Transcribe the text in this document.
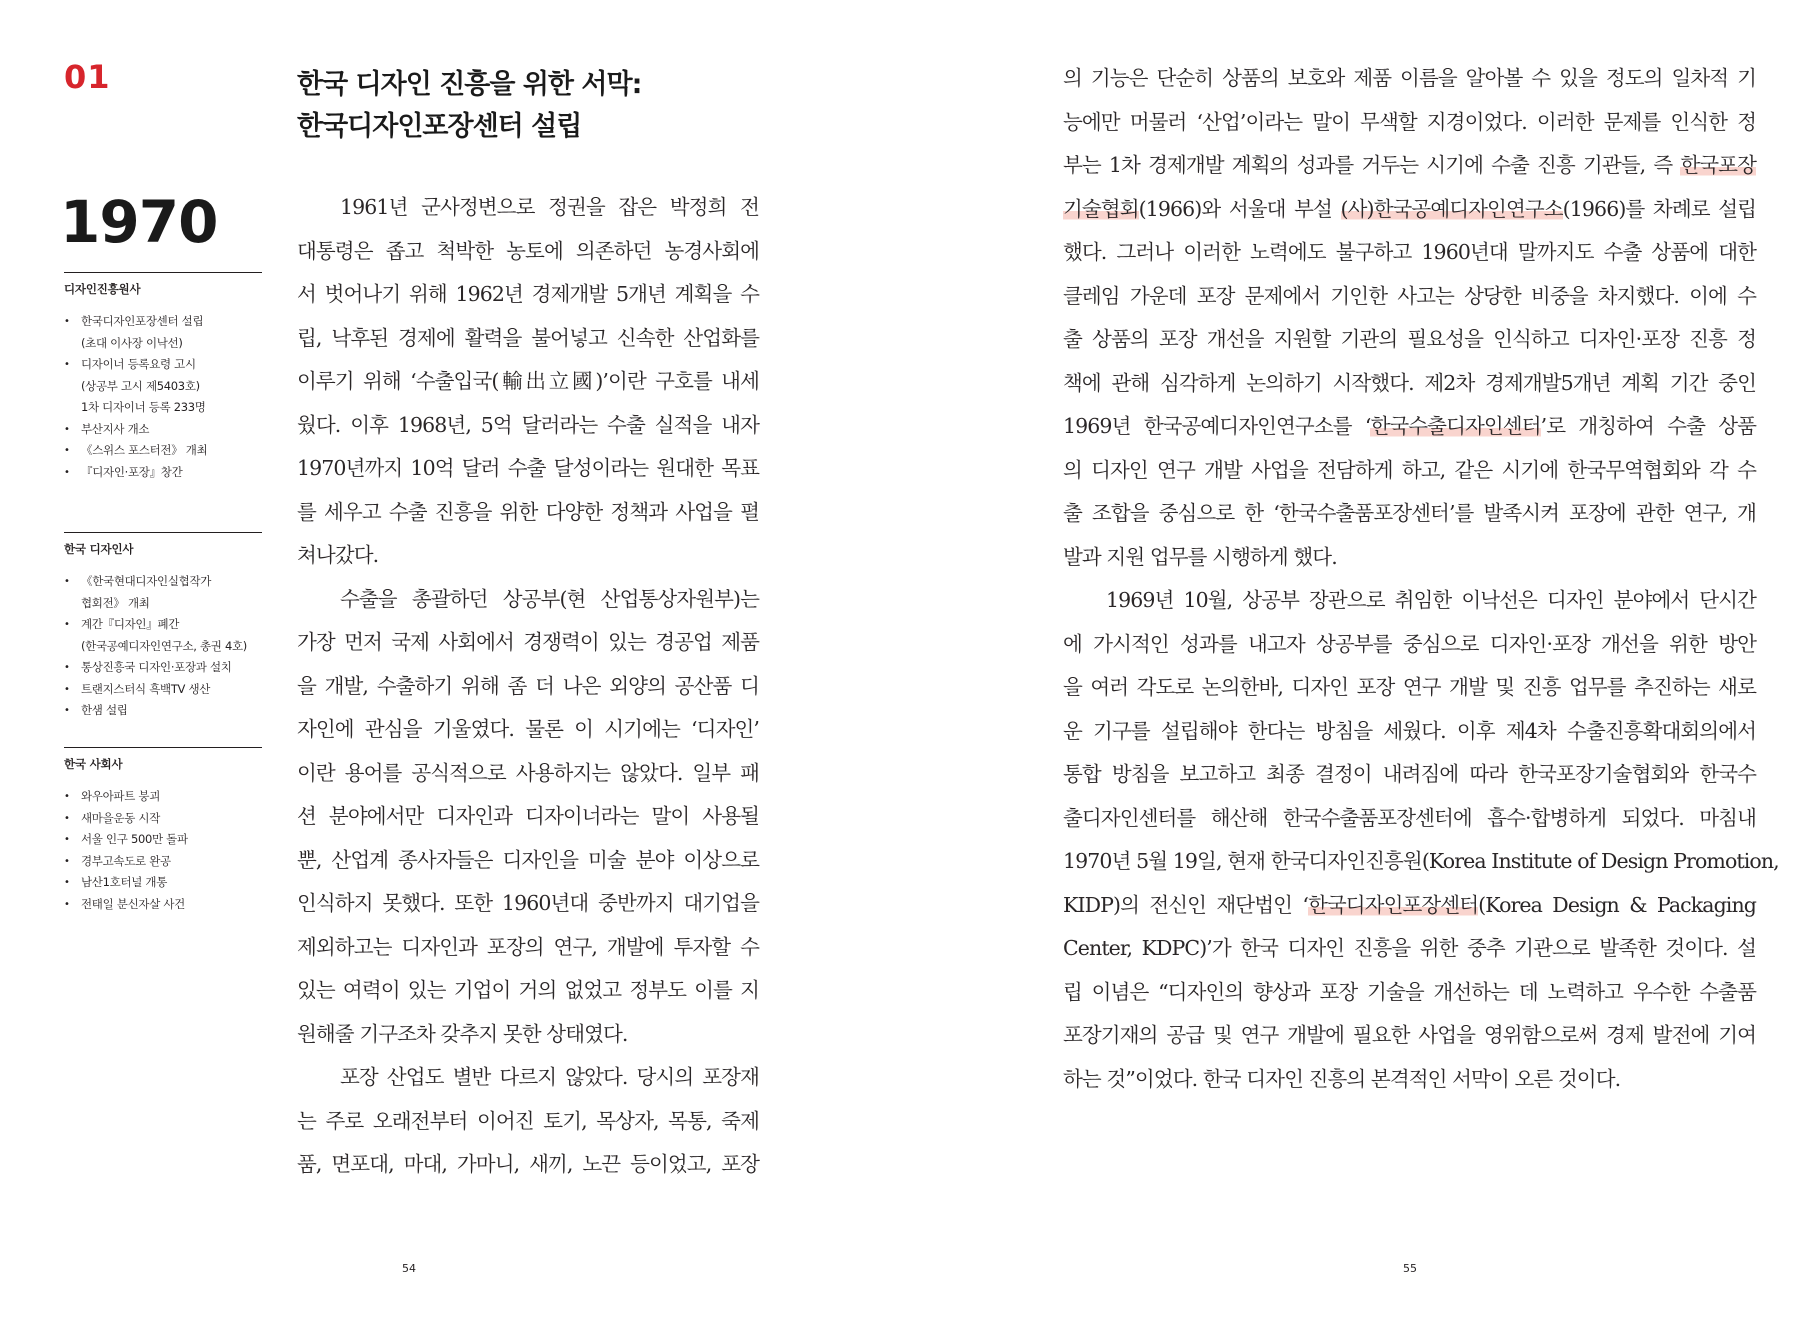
01
1970
디자인진흥원사
• 한국디자인포장센터 설립
(초대 이사장 이낙선)
• 디자이너 등록요령 고시
(상공부 고시 제5403호)
1차 디자이너 등록 233명
• 부산지사 개소
• 《스위스 포스터전》 개최
• 『디자인·포장』창간
한국 디자인사
• 《한국현대디자인실협작가
협회전》 개최
• 계간『디자인』폐간
(한국공예디자인연구소, 총권 4호)
• 통상진흥국 디자인·포장과 설치
• 트랜지스터식 흑백TV 생산
• 한샘 설립
한국 사회사
• 와우아파트 붕괴
• 새마을운동 시작
• 서울 인구 500만 돌파
• 경부고속도로 완공
• 남산1호터널 개통
• 전태일 분신자살 사건
한국 디자인 진흥을 위한 서막:
한국디자인포장센터 설립
1961년 군사정변으로 정권을 잡은 박정희 전
대통령은 좁고 척박한 농토에 의존하던 농경사회에
서 벗어나기 위해 1962년 경제개발 5개년 계획을 수
립, 낙후된 경제에 활력을 불어넣고 신속한 산업화를
이루기 위해 ‘수출입국(輸出立國)’이란 구호를 내세
웠다. 이후 1968년, 5억 달러라는 수출 실적을 내자
1970년까지 10억 달러 수출 달성이라는 원대한 목표
를 세우고 수출 진흥을 위한 다양한 정책과 사업을 펼
쳐나갔다.
수출을 총괄하던 상공부(현 산업통상자원부)는
가장 먼저 국제 사회에서 경쟁력이 있는 경공업 제품
을 개발, 수출하기 위해 좀 더 나은 외양의 공산품 디
자인에 관심을 기울였다. 물론 이 시기에는 ‘디자인’
이란 용어를 공식적으로 사용하지는 않았다. 일부 패
션 분야에서만 디자인과 디자이너라는 말이 사용될
뿐, 산업계 종사자들은 디자인을 미술 분야 이상으로
인식하지 못했다. 또한 1960년대 중반까지 대기업을
제외하고는 디자인과 포장의 연구, 개발에 투자할 수
있는 여력이 있는 기업이 거의 없었고 정부도 이를 지
원해줄 기구조차 갖추지 못한 상태였다.
포장 산업도 별반 다르지 않았다. 당시의 포장재
는 주로 오래전부터 이어진 토기, 목상자, 목통, 죽제
품, 면포대, 마대, 가마니, 새끼, 노끈 등이었고, 포장
의 기능은 단순히 상품의 보호와 제품 이름을 알아볼 수 있을 정도의 일차적 기
능에만 머물러 ‘산업’이라는 말이 무색할 지경이었다. 이러한 문제를 인식한 정
부는 1차 경제개발 계획의 성과를 거두는 시기에 수출 진흥 기관들, 즉 한국포장
기술협회(1966)와 서울대 부설 (사)한국공예디자인연구소(1966)를 차례로 설립
했다. 그러나 이러한 노력에도 불구하고 1960년대 말까지도 수출 상품에 대한
클레임 가운데 포장 문제에서 기인한 사고는 상당한 비중을 차지했다. 이에 수
출 상품의 포장 개선을 지원할 기관의 필요성을 인식하고 디자인·포장 진흥 정
책에 관해 심각하게 논의하기 시작했다. 제2차 경제개발5개년 계획 기간 중인
1969년 한국공예디자인연구소를 ‘한국수출디자인센터’로 개칭하여 수출 상품
의 디자인 연구 개발 사업을 전담하게 하고, 같은 시기에 한국무역협회와 각 수
출 조합을 중심으로 한 ‘한국수출품포장센터’를 발족시켜 포장에 관한 연구, 개
발과 지원 업무를 시행하게 했다.
1969년 10월, 상공부 장관으로 취임한 이낙선은 디자인 분야에서 단시간
에 가시적인 성과를 내고자 상공부를 중심으로 디자인·포장 개선을 위한 방안
을 여러 각도로 논의한바, 디자인 포장 연구 개발 및 진흥 업무를 추진하는 새로
운 기구를 설립해야 한다는 방침을 세웠다. 이후 제4차 수출진흥확대회의에서
통합 방침을 보고하고 최종 결정이 내려짐에 따라 한국포장기술협회와 한국수
출디자인센터를 해산해 한국수출품포장센터에 흡수·합병하게 되었다. 마침내
1970년 5월 19일, 현재 한국디자인진흥원(Korea Institute of Design Promotion,
KIDP)의 전신인 재단법인 ‘한국디자인포장센터(Korea Design & Packaging
Center, KDPC)’가 한국 디자인 진흥을 위한 중추 기관으로 발족한 것이다. 설
립 이념은 “디자인의 향상과 포장 기술을 개선하는 데 노력하고 우수한 수출품
포장기재의 공급 및 연구 개발에 필요한 사업을 영위함으로써 경제 발전에 기여
하는 것”이었다. 한국 디자인 진흥의 본격적인 서막이 오른 것이다.
54	55
